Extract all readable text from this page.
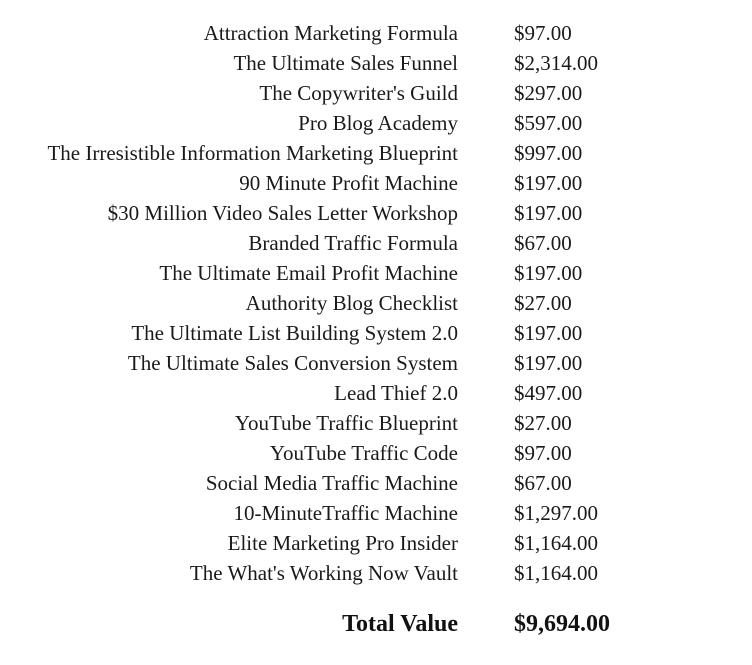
Attraction Marketing Formula	$97.00
The Ultimate Sales Funnel	$2,314.00
The Copywriter's Guild	$297.00
Pro Blog Academy	$597.00
The Irresistible Information Marketing Blueprint	$997.00
90 Minute Profit Machine	$197.00
$30 Million Video Sales Letter Workshop	$197.00
Branded Traffic Formula	$67.00
The Ultimate Email Profit Machine	$197.00
Authority Blog Checklist	$27.00
The Ultimate List Building System 2.0	$197.00
The Ultimate Sales Conversion System	$197.00
Lead Thief 2.0	$497.00
YouTube Traffic Blueprint	$27.00
YouTube Traffic Code	$97.00
Social Media Traffic Machine	$67.00
10-MinuteTraffic Machine	$1,297.00
Elite Marketing Pro Insider	$1,164.00
The What's Working Now Vault	$1,164.00
Total Value $9,694.00
